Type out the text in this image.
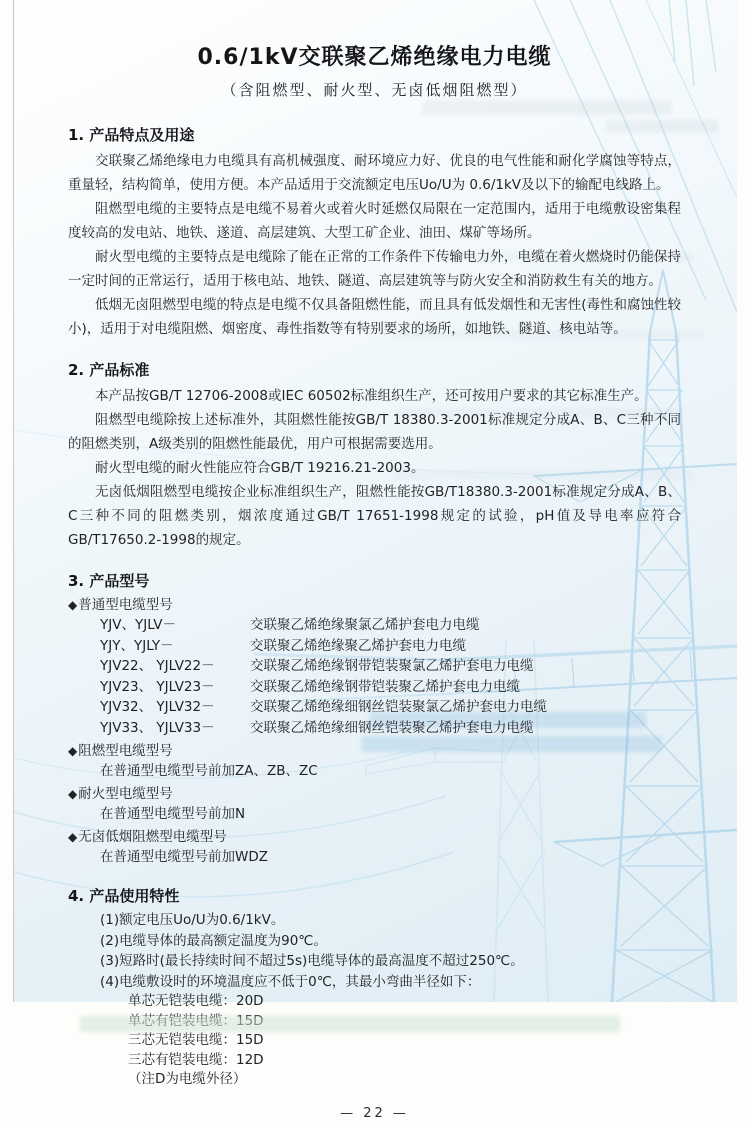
0.6/1kV交联聚乙烯绝缘电力电缆
（含阻燃型、耐火型、无卤低烟阻燃型）
1. 产品特点及用途

交联聚乙烯绝缘电力电缆具有高机械强度、耐环境应力好、优良的电气性能和耐化学腐蚀等特点，重量轻，结构简单，使用方便。本产品适用于交流额定电压Uo/U为 0.6/1kV及以下的输配电线路上。

阻燃型电缆的主要特点是电缆不易着火或着火时延燃仅局限在一定范围内，适用于电缆敷设密集程度较高的发电站、地铁、遂道、高层建筑、大型工矿企业、油田、煤矿等场所。

耐火型电缆的主要特点是电缆除了能在正常的工作条件下传输电力外，电缆在着火燃烧时仍能保持一定时间的正常运行，适用于核电站、地铁、隧道、高层建筑等与防火安全和消防救生有关的地方。

低烟无卤阻燃型电缆的特点是电缆不仅具备阻燃性能，而且具有低发烟性和无害性(毒性和腐蚀性较小)，适用于对电缆阻燃、烟密度、毒性指数等有特别要求的场所，如地铁、隧道、核电站等。

2. 产品标准

本产品按GB/T 12706-2008或IEC 60502标准组织生产，还可按用户要求的其它标准生产。

阻燃型电缆除按上述标准外，其阻燃性能按GB/T 18380.3-2001标准规定分成A、B、C三种不同的阻燃类别，A级类别的阻燃性能最优，用户可根据需要选用。

耐火型电缆的耐火性能应符合GB/T 19216.21-2003。

无卤低烟阻燃型电缆按企业标准组织生产，阻燃性能按GB/T18380.3-2001标准规定分成A、B、C三种不同的阻燃类别，烟浓度通过GB/T 17651-1998规定的试验，pH值及导电率应符合GB/T17650.2-1998的规定。

3. 产品型号
◆普通型电缆型号
YJV、YJLV－	交联聚乙烯绝缘聚氯乙烯护套电力电缆
YJY、YJLY－	交联聚乙烯绝缘聚乙烯护套电力电缆
YJV22、 YJLV22－	交联聚乙烯绝缘钢带铠装聚氯乙烯护套电力电缆
YJV23、 YJLV23－	交联聚乙烯绝缘钢带铠装聚乙烯护套电力电缆
YJV32、 YJLV32－	交联聚乙烯绝缘细钢丝铠装聚氯乙烯护套电力电缆
YJV33、 YJLV33－	交联聚乙烯绝缘细钢丝铠装聚乙烯护套电力电缆
◆阻燃型电缆型号
在普通型电缆型号前加ZA、ZB、ZC
◆耐火型电缆型号
在普通型电缆型号前加N
◆无卤低烟阻燃型电缆型号
在普通型电缆型号前加WDZ
4. 产品使用特性
(1)额定电压Uo/U为0.6/1kV。
(2)电缆导体的最高额定温度为90℃。
(3)短路时(最长持续时间不超过5s)电缆导体的最高温度不超过250℃。
(4)电缆敷设时的环境温度应不低于0℃，其最小弯曲半径如下：
单芯无铠装电缆：20D
三芯无铠装电缆：15D
三芯有铠装电缆：12D
（注D为电缆外径）
— 22 —
